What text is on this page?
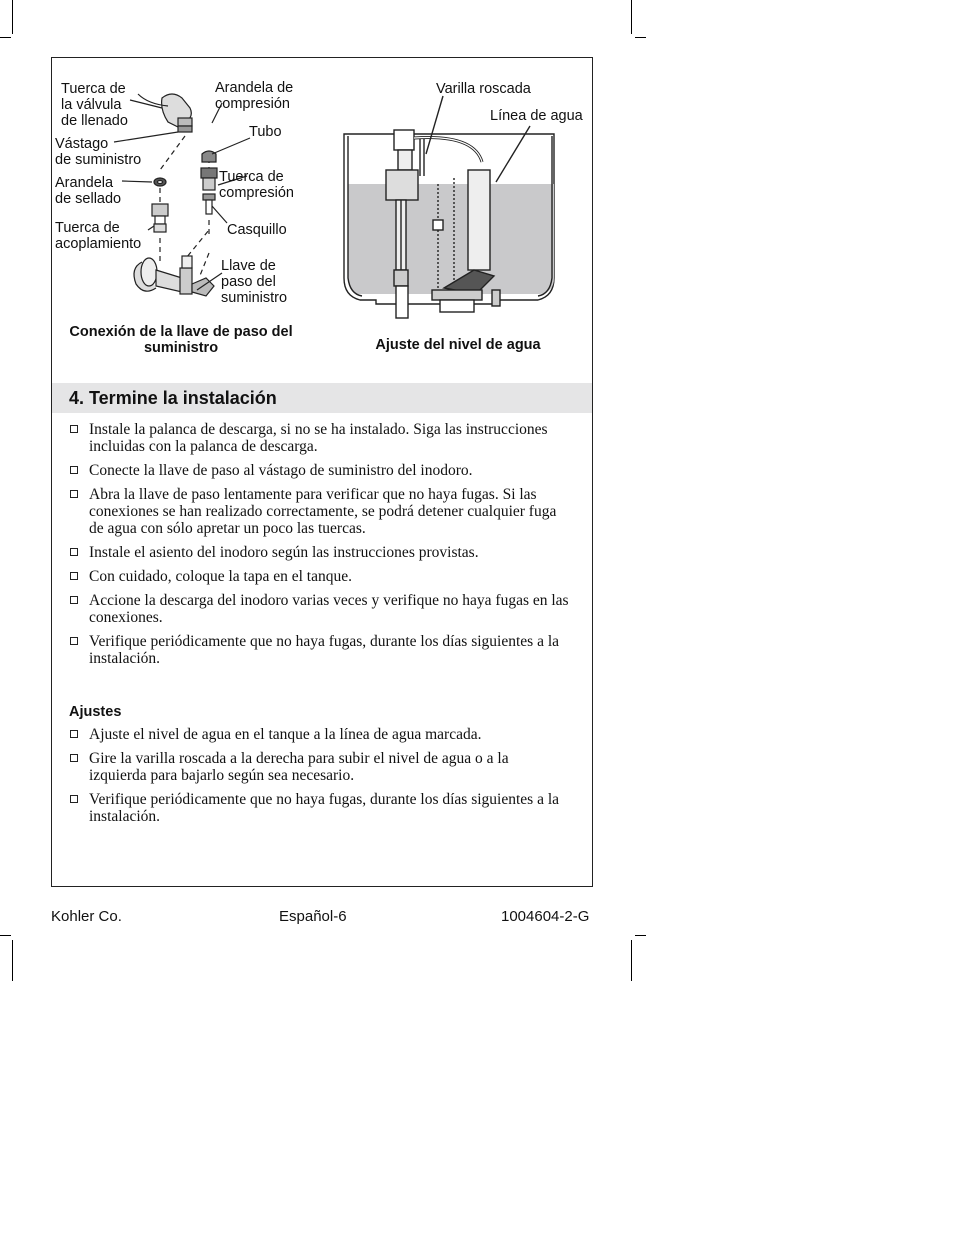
Tuerca de
la válvula
de llenado
Arandela de
compresión
Tubo
Vástago
de suministro
Arandela
de sellado
Tuerca de
compresión
Tuerca de
acoplamiento
Casquillo
Llave de
paso del
suministro
Conexión de la llave de paso del
suministro
Varilla roscada
Línea de agua
Ajuste del nivel de agua
4. Termine la instalación
Instale la palanca de descarga, si no se ha instalado. Siga las instrucciones incluidas con la palanca de descarga.
Conecte la llave de paso al vástago de suministro del inodoro.
Abra la llave de paso lentamente para verificar que no haya fugas. Si las conexiones se han realizado correctamente, se podrá detener cualquier fuga de agua con sólo apretar un poco las tuercas.
Instale el asiento del inodoro según las instrucciones provistas.
Con cuidado, coloque la tapa en el tanque.
Accione la descarga del inodoro varias veces y verifique no haya fugas en las conexiones.
Verifique periódicamente que no haya fugas, durante los días siguientes a la instalación.
Ajustes
Ajuste el nivel de agua en el tanque a la línea de agua marcada.
Gire la varilla roscada a la derecha para subir el nivel de agua o a la izquierda para bajarlo según sea necesario.
Verifique periódicamente que no haya fugas, durante los días siguientes a la instalación.
Kohler Co.	Español-6	1004604-2-G
